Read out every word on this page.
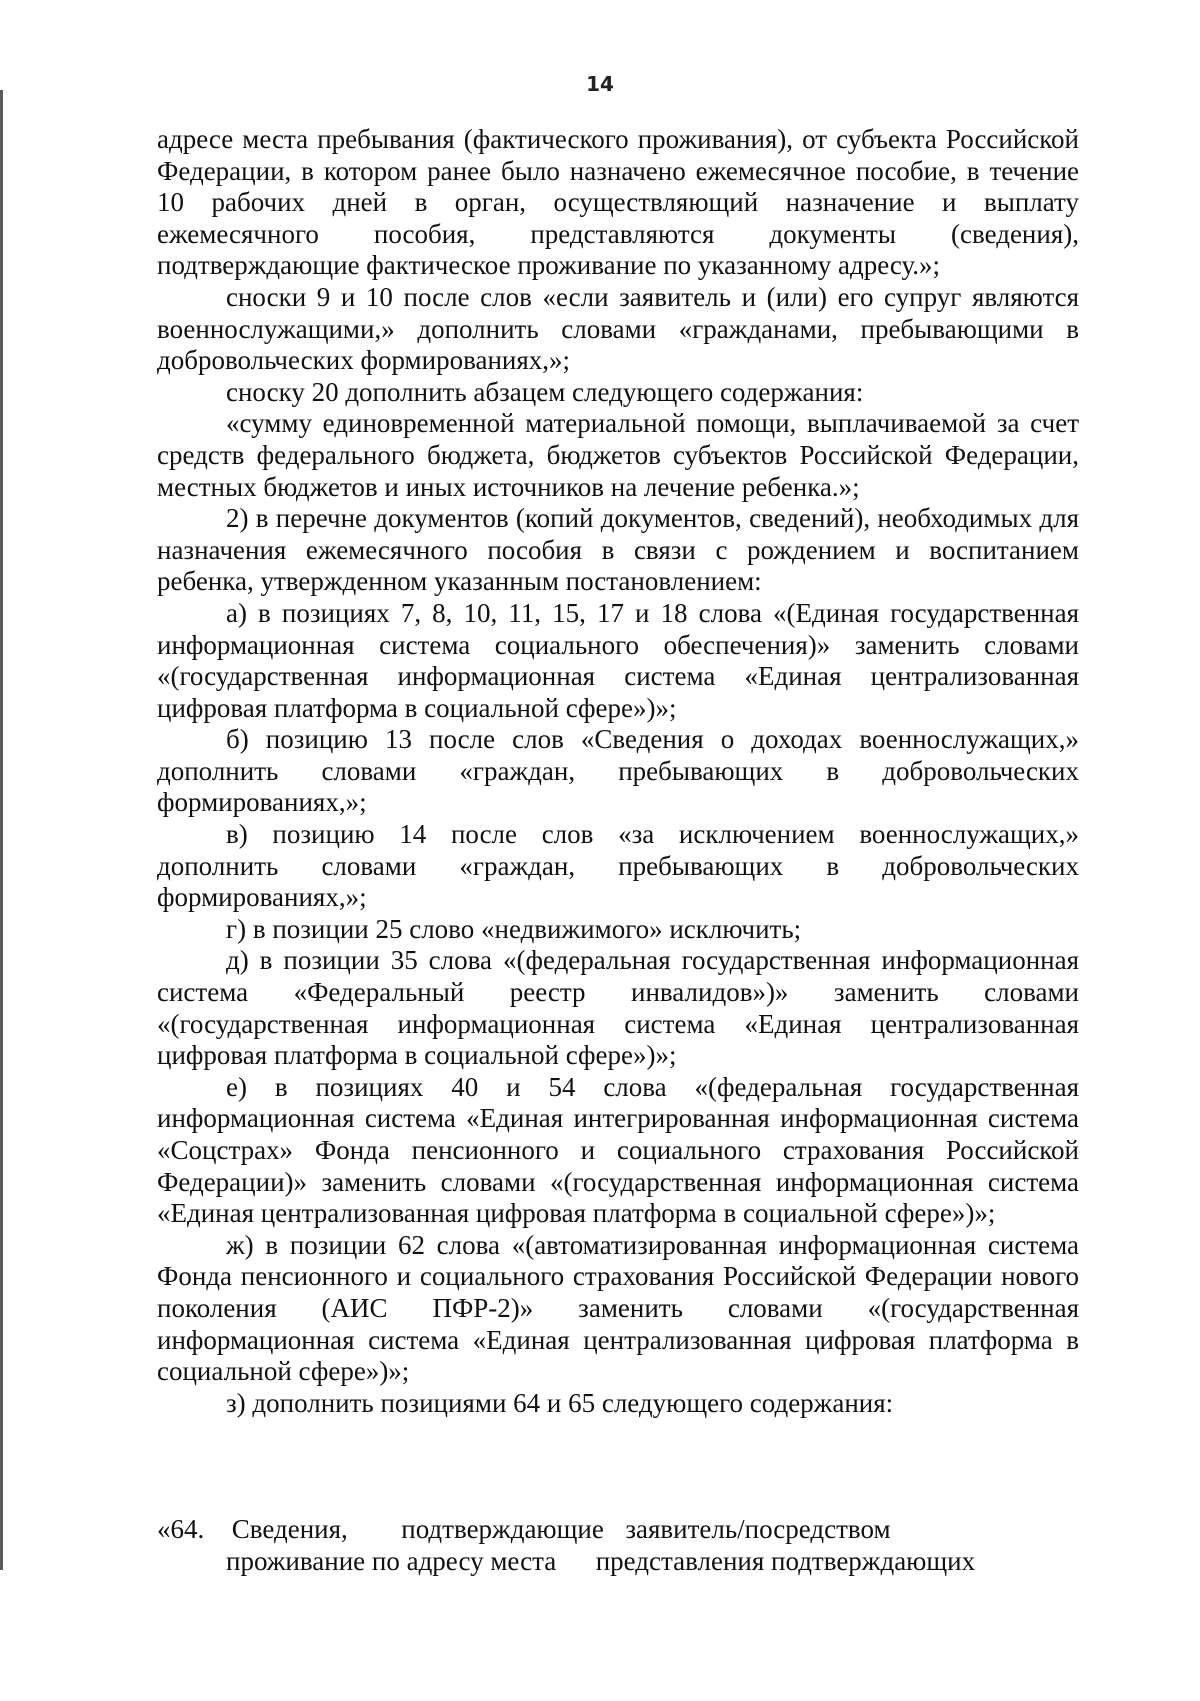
14

адресе места пребывания (фактического проживания), от субъекта Российской Федерации, в котором ранее было назначено ежемесячное пособие, в течение 10 рабочих дней в орган, осуществляющий назначение и выплату ежемесячного пособия, представляются документы (сведения), подтверждающие фактическое проживание по указанному адресу.»;

сноски 9 и 10 после слов «если заявитель и (или) его супруг являются военнослужащими,» дополнить словами «гражданами, пребывающими в добровольческих формированиях,»;

сноску 20 дополнить абзацем следующего содержания:

«сумму единовременной материальной помощи, выплачиваемой за счет средств федерального бюджета, бюджетов субъектов Российской Федерации, местных бюджетов и иных источников на лечение ребенка.»;

2) в перечне документов (копий документов, сведений), необходимых для назначения ежемесячного пособия в связи с рождением и воспитанием ребенка, утвержденном указанным постановлением:

а) в позициях 7, 8, 10, 11, 15, 17 и 18 слова «(Единая государственная информационная система социального обеспечения)» заменить словами «(государственная информационная система «Единая централизованная цифровая платформа в социальной сфере»)»;

б) позицию 13 после слов «Сведения о доходах военнослужащих,» дополнить словами «граждан, пребывающих в добровольческих формированиях,»;

в) позицию 14 после слов «за исключением военнослужащих,» дополнить словами «граждан, пребывающих в добровольческих формированиях,»;

г) в позиции 25 слово «недвижимого» исключить;

д) в позиции 35 слова «(федеральная государственная информационная система «Федеральный реестр инвалидов»)» заменить словами «(государственная информационная система «Единая централизованная цифровая платформа в социальной сфере»)»;

е) в позициях 40 и 54 слова «(федеральная государственная информационная система «Единая интегрированная информационная система «Соцстрах» Фонда пенсионного и социального страхования Российской Федерации)» заменить словами «(государственная информационная система «Единая централизованная цифровая платформа в социальной сфере»)»;

ж) в позиции 62 слова «(автоматизированная информационная система Фонда пенсионного и социального страхования Российской Федерации нового поколения (АИС ПФР-2)» заменить словами «(государственная информационная система «Единая централизованная цифровая платформа в социальной сфере»)»;

з) дополнить позициями 64 и 65 следующего содержания:

«64. Сведения, подтверждающие заявитель/посредством
проживание по адресу места представления подтверждающих
